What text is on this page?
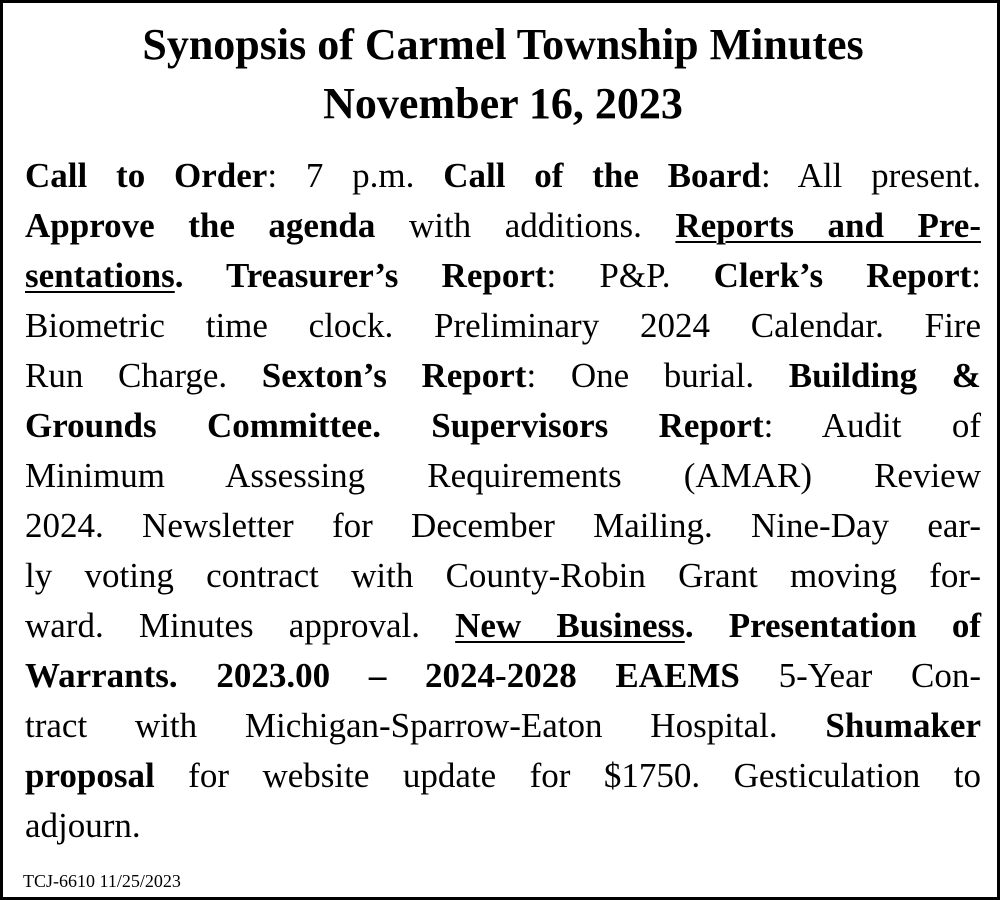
Synopsis of Carmel Township Minutes
November 16, 2023
Call to Order: 7 p.m. Call of the Board: All present.
Approve the agenda with additions. Reports and Pre-
sentations. Treasurer’s Report: P&P. Clerk’s Report:
Biometric time clock. Preliminary 2024 Calendar. Fire
Run Charge. Sexton’s Report: One burial. Building &
Grounds Committee. Supervisors Report: Audit of
Minimum Assessing Requirements (AMAR) Review
2024. Newsletter for December Mailing. Nine-Day ear-
ly voting contract with County-Robin Grant moving for-
ward. Minutes approval. New Business. Presentation of
Warrants. 2023.00 – 2024-2028 EAEMS 5-Year Con-
tract with Michigan-Sparrow-Eaton Hospital. Shumaker
proposal for website update for $1750. Gesticulation to
adjourn.

TCJ-6610 11/25/2023
